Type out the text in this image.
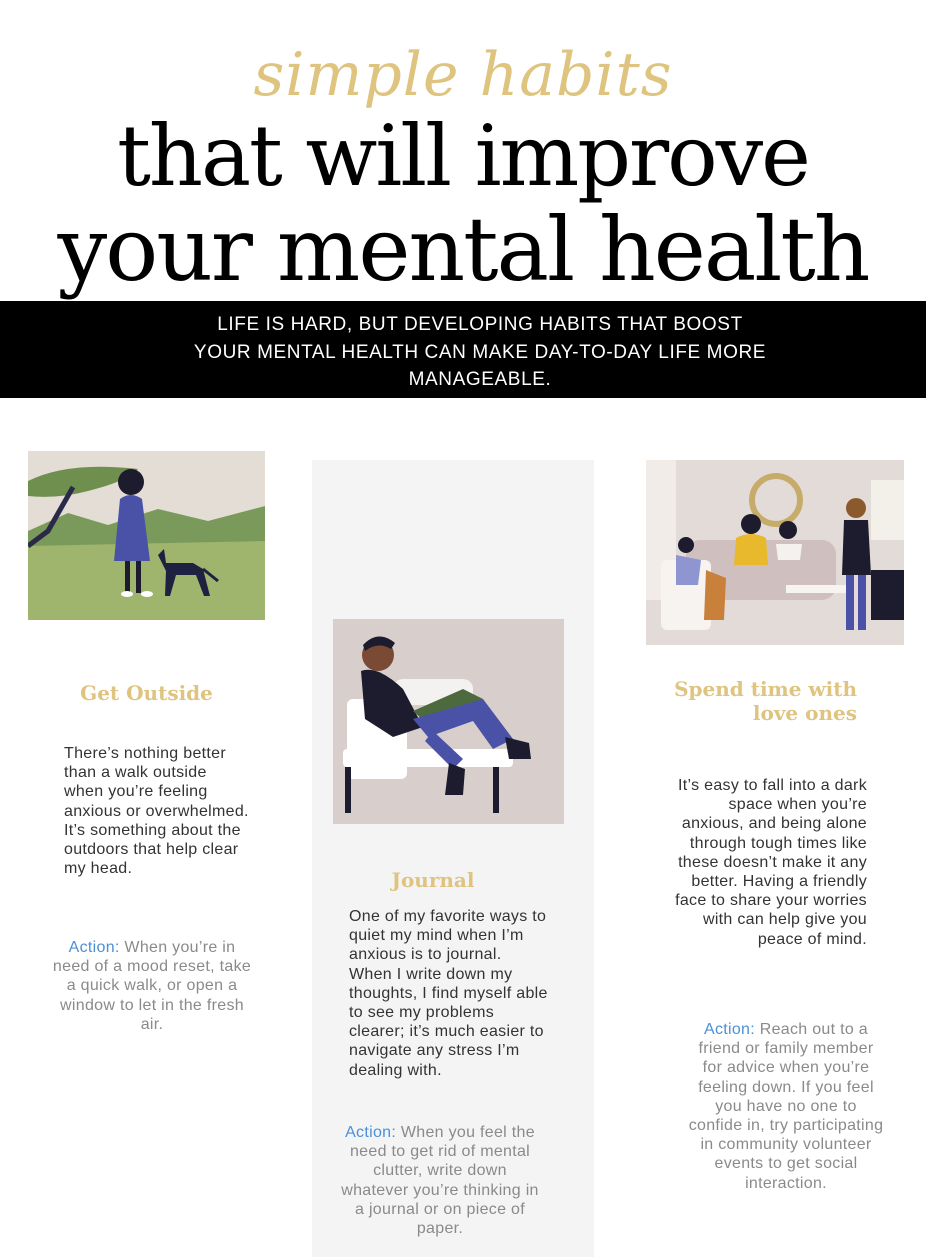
simple habits
that will improve
your mental health

LIFE IS HARD, BUT DEVELOPING HABITS THAT BOOST YOUR MENTAL HEALTH CAN MAKE DAY-TO-DAY LIFE MORE MANAGEABLE.

Get Outside

There’s nothing better than a walk outside when you’re feeling anxious or overwhelmed. It’s something about the outdoors that help clear my head.

Action: When you’re in need of a mood reset, take a quick walk, or open a window to let in the fresh air.

Journal

One of my favorite ways to quiet my mind when I’m anxious is to journal. When I write down my thoughts, I find myself able to see my problems clearer; it’s much easier to navigate any stress I’m dealing with.

Action: When you feel the need to get rid of mental clutter, write down whatever you’re thinking in a journal or on piece of paper.

Spend time with love ones

It’s easy to fall into a dark space when you’re anxious, and being alone through tough times like these doesn’t make it any better. Having a friendly face to share your worries with can help give you peace of mind.

Action: Reach out to a friend or family member for advice when you’re feeling down. If you feel you have no one to confide in, try participating in community volunteer events to get social interaction.
